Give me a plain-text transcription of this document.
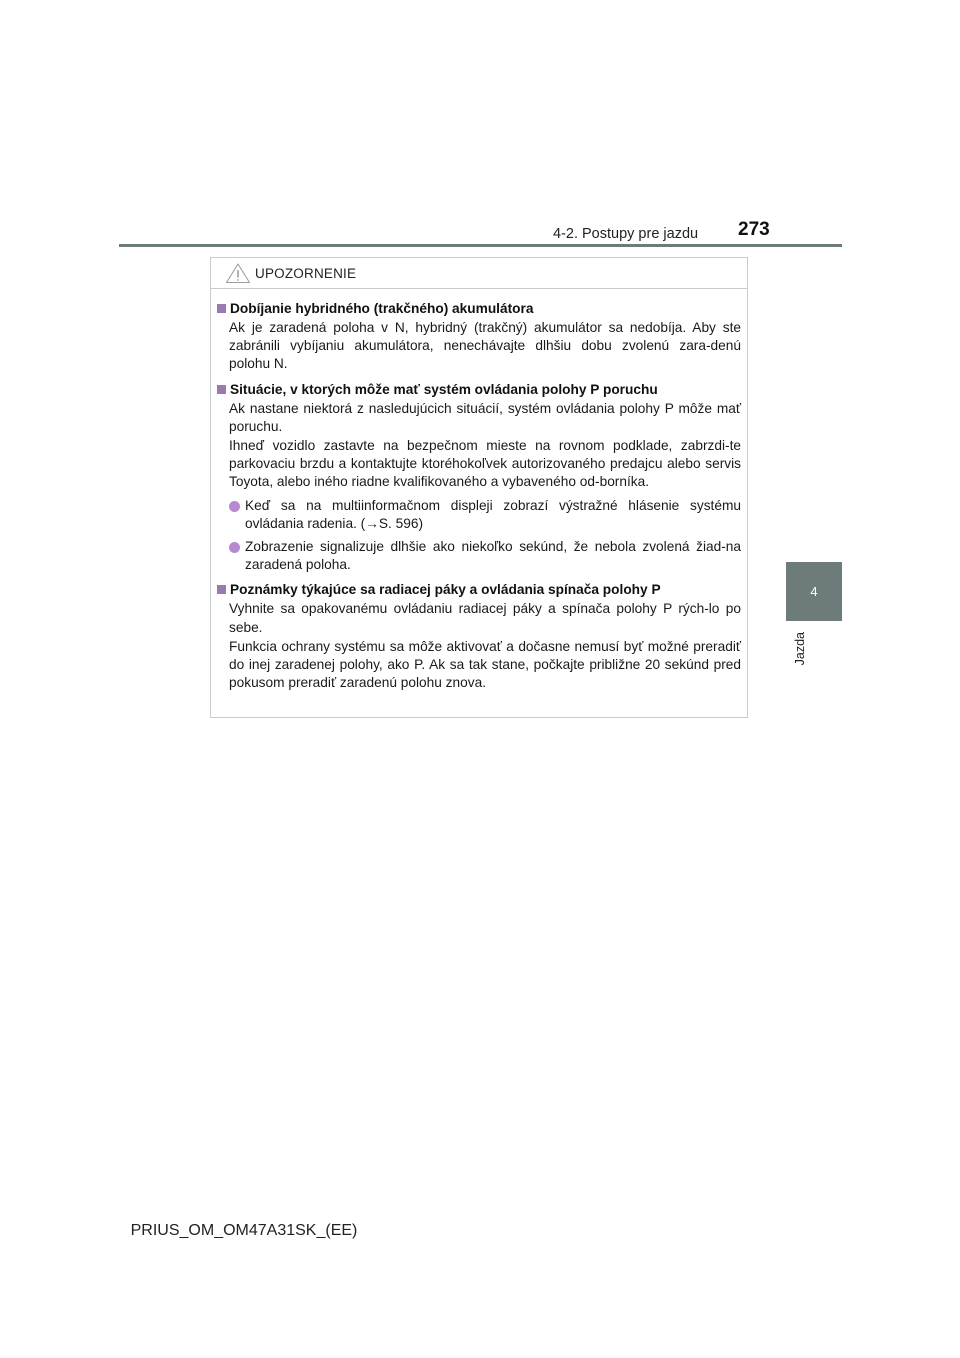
4-2. Postupy pre jazdu 273
4
Jazda
UPOZORNENIE
Dobíjanie hybridného (trakčného) akumulátora
Ak je zaradená poloha v N, hybridný (trakčný) akumulátor sa nedobíja. Aby ste zabránili vybíjaniu akumulátora, nenechávajte dlhšiu dobu zvolenú zara-denú polohu N.
Situácie, v ktorých môže mať systém ovládania polohy P poruchu
Ak nastane niektorá z nasledujúcich situácií, systém ovládania polohy P môže mať poruchu.
Ihneď vozidlo zastavte na bezpečnom mieste na rovnom podklade, zabrzdi-te parkovaciu brzdu a kontaktujte ktoréhokoľvek autorizovaného predajcu alebo servis Toyota, alebo iného riadne kvalifikovaného a vybaveného od-borníka.
Keď sa na multiinformačnom displeji zobrazí výstražné hlásenie systému ovládania radenia. (→S. 596)
Zobrazenie signalizuje dlhšie ako niekoľko sekúnd, že nebola zvolená žiad-na zaradená poloha.
Poznámky týkajúce sa radiacej páky a ovládania spínača polohy P
Vyhnite sa opakovanému ovládaniu radiacej páky a spínača polohy P rých-lo po sebe.
Funkcia ochrany systému sa môže aktivovať a dočasne nemusí byť možné preradiť do inej zaradenej polohy, ako P. Ak sa tak stane, počkajte približne 20 sekúnd pred pokusom preradiť zaradenú polohu znova.
PRIUS_OM_OM47A31SK_(EE)
